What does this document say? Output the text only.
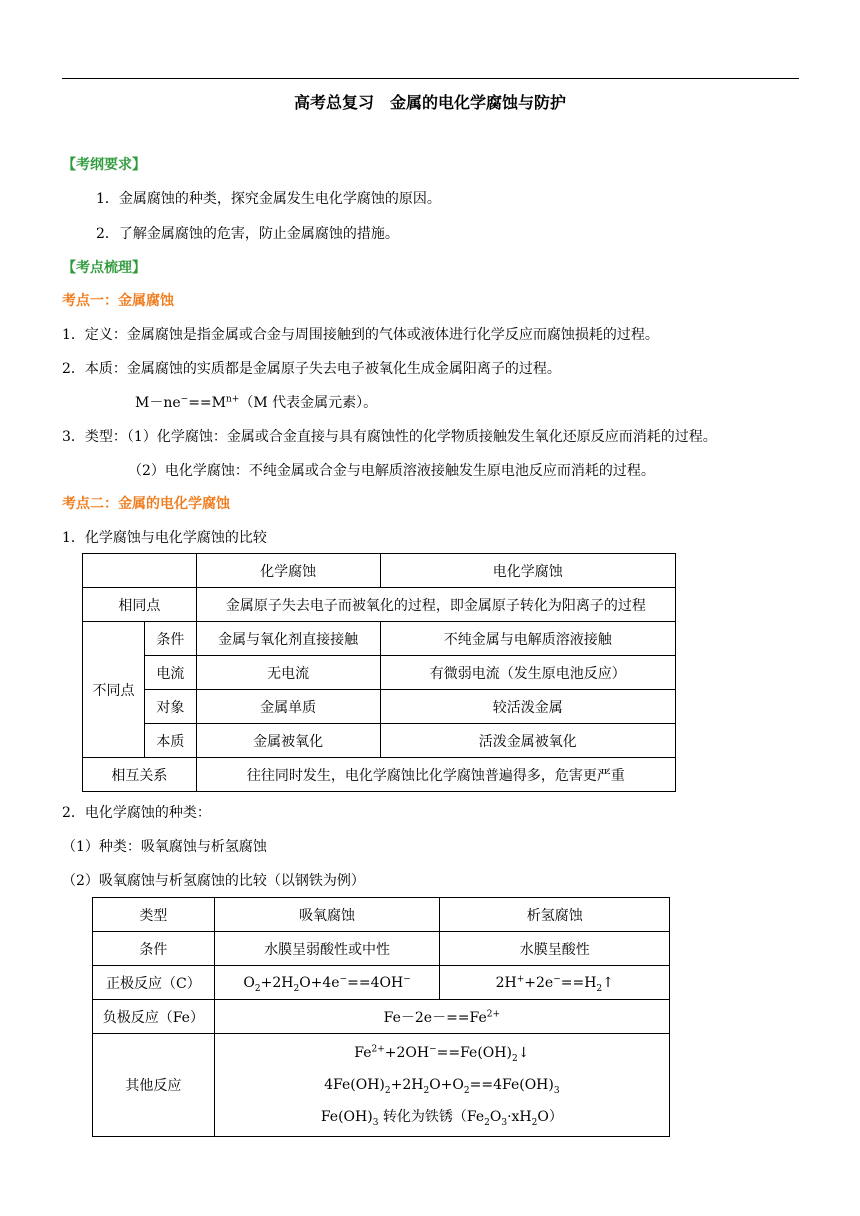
高考总复习　金属的电化学腐蚀与防护
【考纲要求】
1．金属腐蚀的种类，探究金属发生电化学腐蚀的原因。
2．了解金属腐蚀的危害，防止金属腐蚀的措施。
【考点梳理】
考点一：金属腐蚀
1．定义：金属腐蚀是指金属或合金与周围接触到的气体或液体进行化学反应而腐蚀损耗的过程。
2．本质：金属腐蚀的实质都是金属原子失去电子被氧化生成金属阳离子的过程。
$M-ne^-==M^{n+}(M$ 代表金属元素）。
3．类型：（1）化学腐蚀：金属或合金直接与具有腐蚀性的化学物质接触发生氧化还原反应而消耗的过程。
（2）电化学腐蚀：不纯金属或合金与电解质溶液接触发生原电池反应而消耗的过程。
考点二：金属的电化学腐蚀
1．化学腐蚀与电化学腐蚀的比较
		化学腐蚀	电化学腐蚀
相同点		金属原子失去电子而被氧化的过程，即金属原子转化为阳离子的过程	
不同点	条件	金属与氧化剂直接接触	不纯金属与电解质溶液接触
	电流	无电流	有微弱电流（发生原电池反应）
	对象	金属单质	较活泼金属
	本质	金属被氧化	活泼金属被氧化
相互关系		往往同时发生，电化学腐蚀比化学腐蚀普遍得多，危害更严重	
2．电化学腐蚀的种类：
（1）种类：吸氧腐蚀与析氢腐蚀
（2）吸氧腐蚀与析氢腐蚀的比较（以钢铁为例）
类型	吸氧腐蚀	析氢腐蚀
条件	水膜呈弱酸性或中性	水膜呈酸性
正极反应（C）	$O_2+2H_2O+4e^-==4OH^-$	$2H^++2e^-==H_2↑$
负极反应（Fe）	$Fe-2e-==Fe^{2+}$
其他反应	$Fe^{2+}+2OH^-==Fe(OH)_2↓$
$4Fe(OH)_2+2H_2O+O_2==4Fe(OH)_3$
$Fe(OH)_3$ 转化为铁锈$(Fe_2O_3\cdot xH_2O)$	
